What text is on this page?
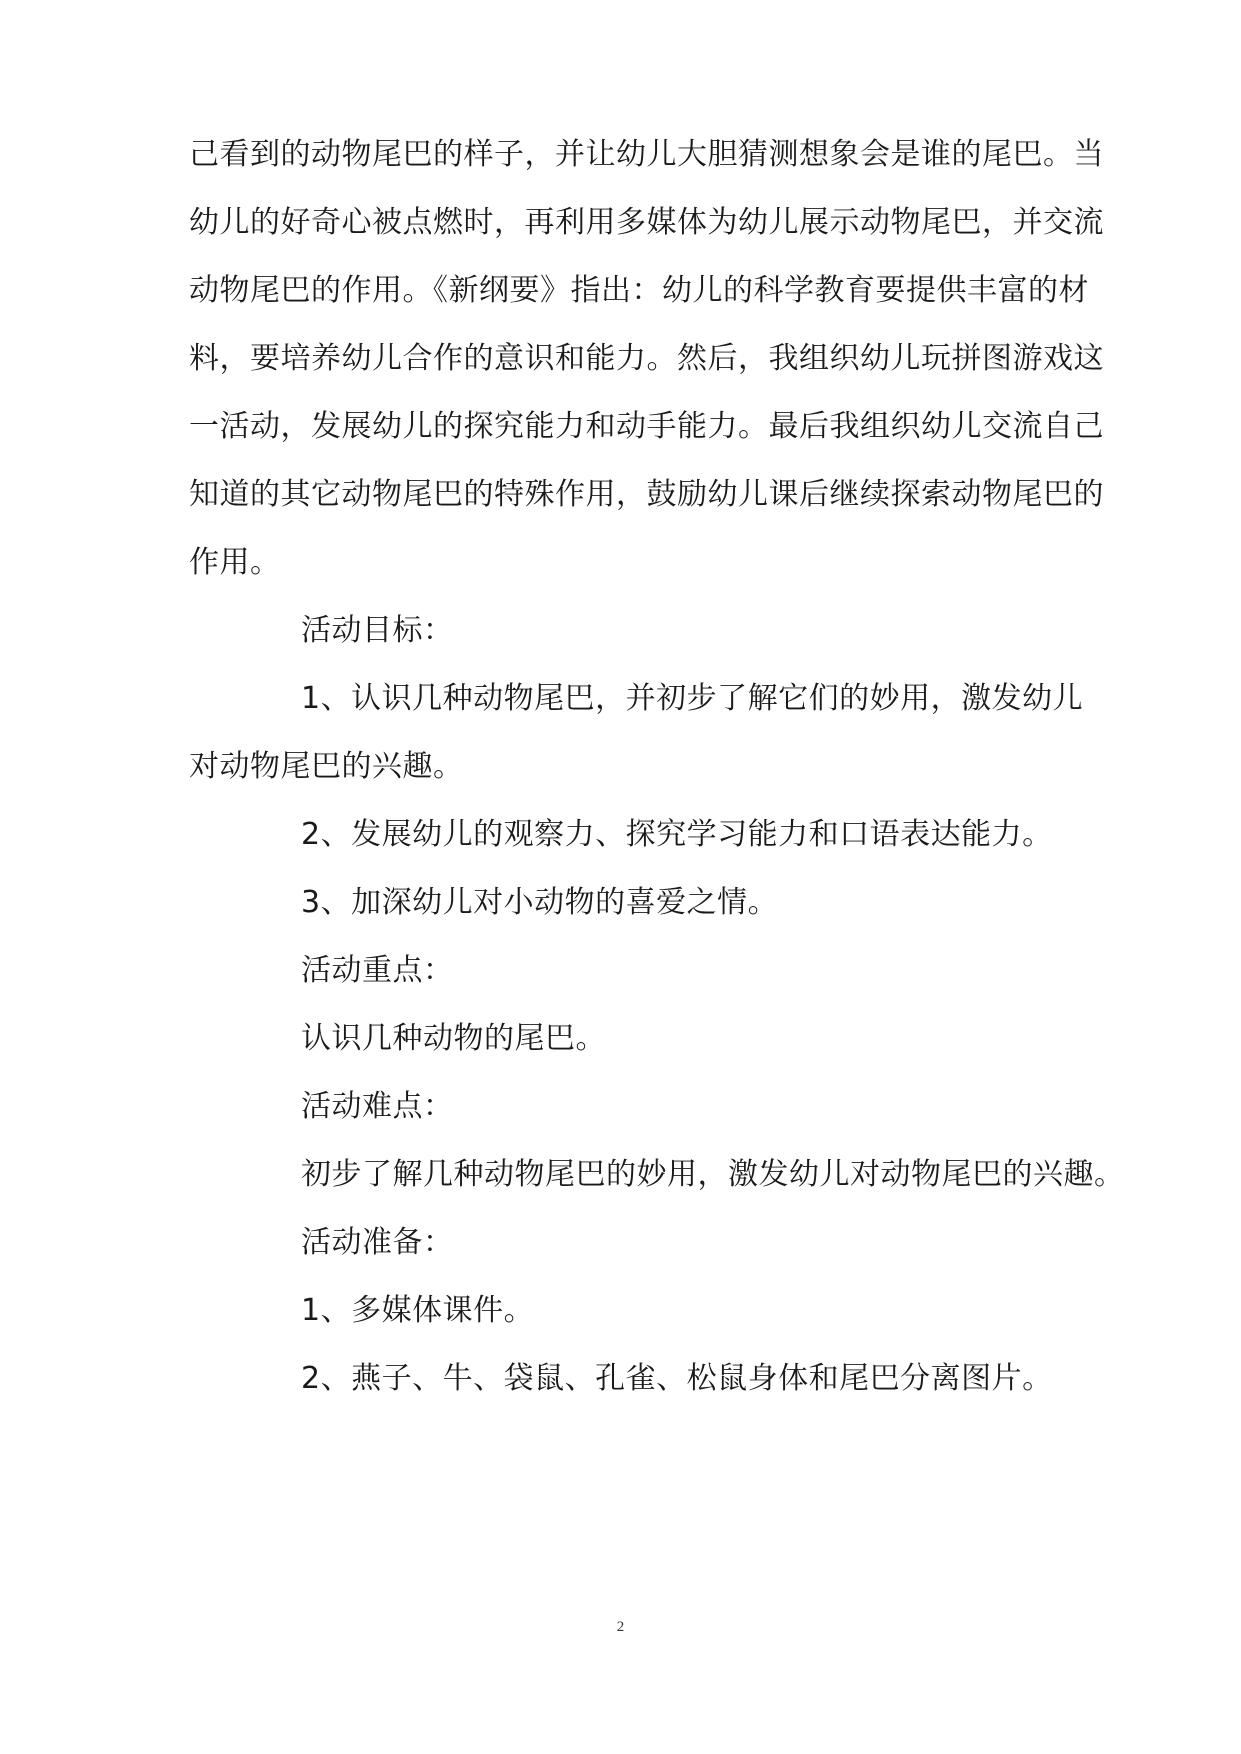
己看到的动物尾巴的样子，并让幼儿大胆猜测想象会是谁的尾巴。当
幼儿的好奇心被点燃时，再利用多媒体为幼儿展示动物尾巴，并交流
动物尾巴的作用。《新纲要》指出：幼儿的科学教育要提供丰富的材
料，要培养幼儿合作的意识和能力。然后，我组织幼儿玩拼图游戏这
一活动，发展幼儿的探究能力和动手能力。最后我组织幼儿交流自己
知道的其它动物尾巴的特殊作用，鼓励幼儿课后继续探索动物尾巴的
作用。
活动目标：
1、认识几种动物尾巴，并初步了解它们的妙用，激发幼儿
对动物尾巴的兴趣。
2、发展幼儿的观察力、探究学习能力和口语表达能力。
3、加深幼儿对小动物的喜爱之情。
活动重点：
认识几种动物的尾巴。
活动难点：
初步了解几种动物尾巴的妙用，激发幼儿对动物尾巴的兴趣。
活动准备：
1、多媒体课件。
2、燕子、牛、袋鼠、孔雀、松鼠身体和尾巴分离图片。
2
